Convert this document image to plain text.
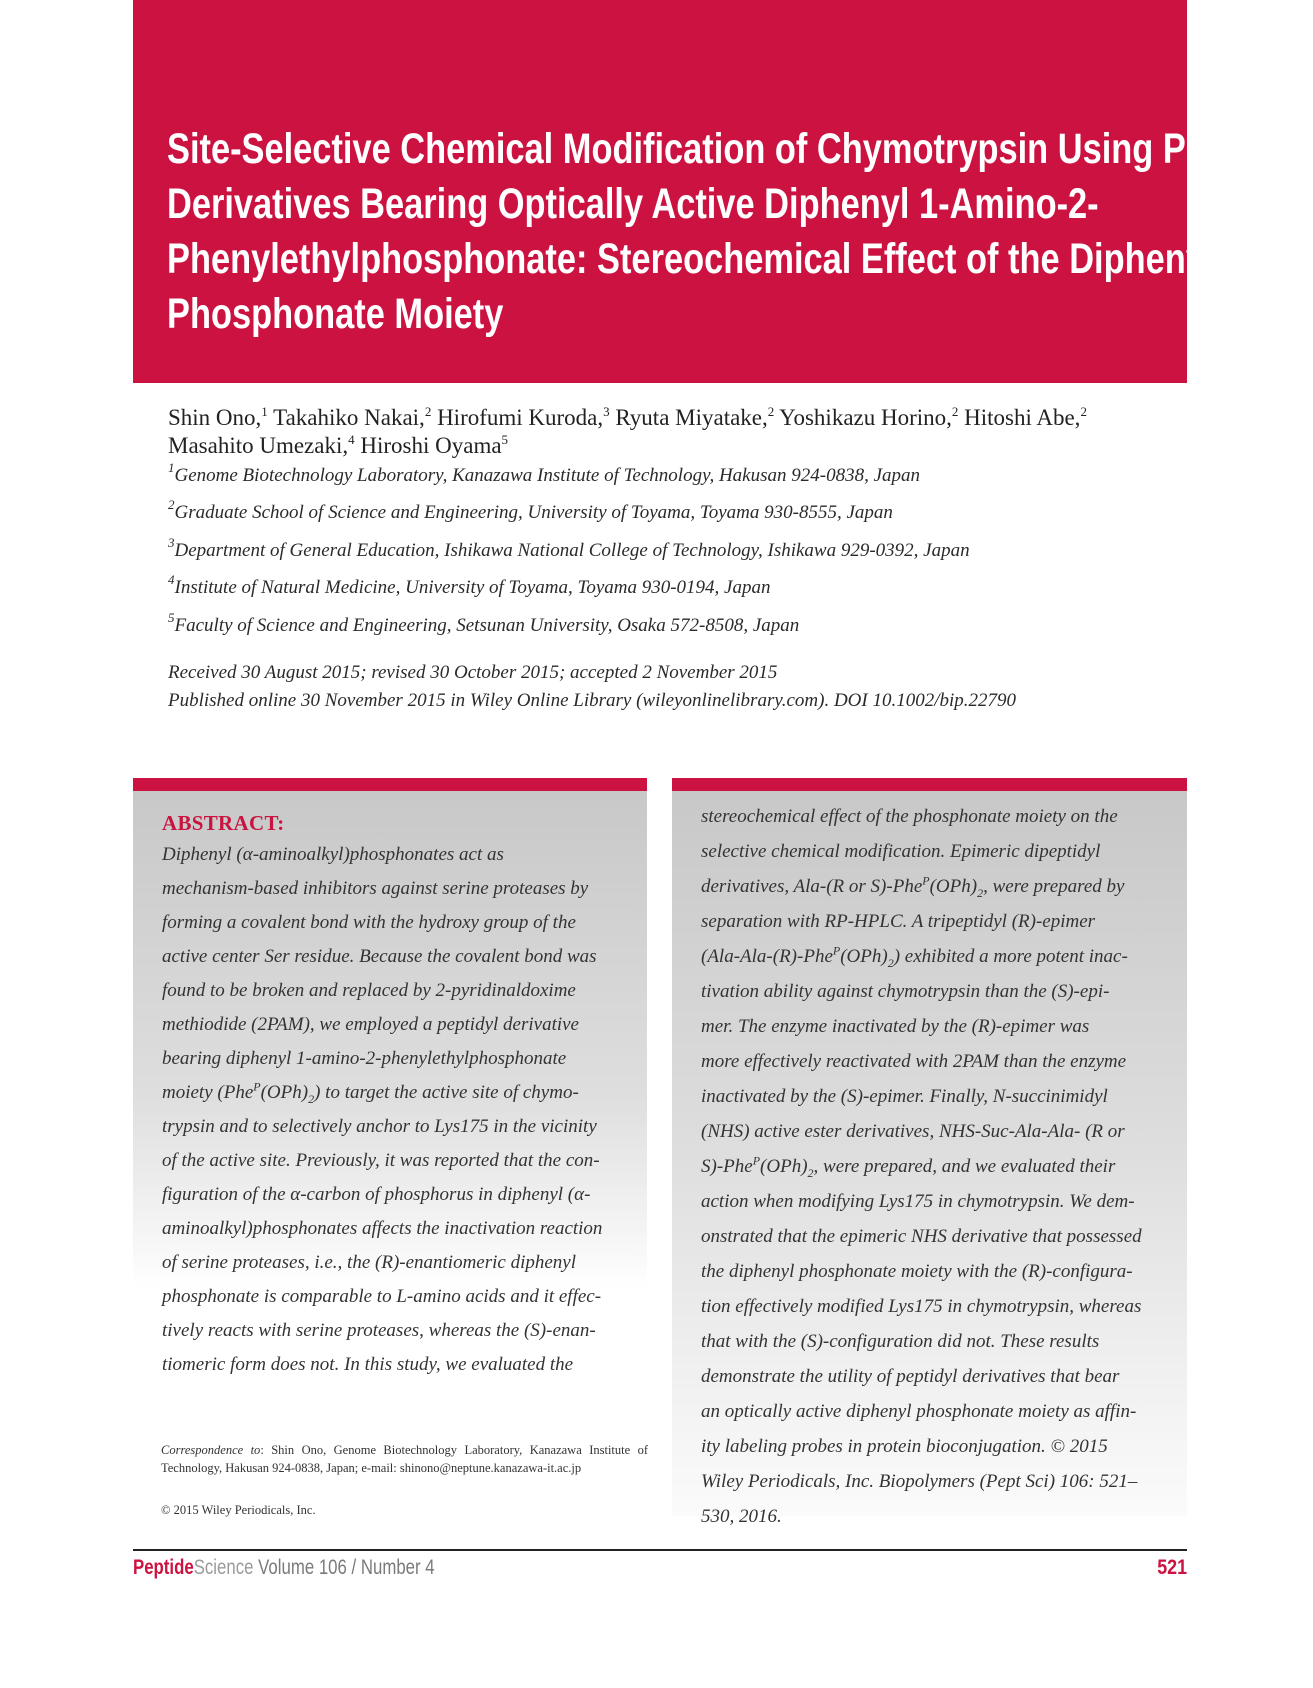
Site-Selective Chemical Modification of Chymotrypsin Using Peptidyl
Derivatives Bearing Optically Active Diphenyl 1-Amino-2-
Phenylethylphosphonate: Stereochemical Effect of the Diphenyl
Phosphonate Moiety
Shin Ono,$^1$ Takahiko Nakai,$^2$ Hirofumi Kuroda,$^3$ Ryuta Miyatake,$^2$ Yoshikazu Horino,$^2$ Hitoshi Abe,$^2$
Masahito Umezaki,$^4$ Hiroshi Oyama$^5$
$^1$Genome Biotechnology Laboratory, Kanazawa Institute of Technology, Hakusan 924-0838, Japan
$^2$Graduate School of Science and Engineering, University of Toyama, Toyama 930-8555, Japan
$^3$Department of General Education, Ishikawa National College of Technology, Ishikawa 929-0392, Japan
$^4$Institute of Natural Medicine, University of Toyama, Toyama 930-0194, Japan
$^5$Faculty of Science and Engineering, Setsunan University, Osaka 572-8508, Japan
Received 30 August 2015; revised 30 October 2015; accepted 2 November 2015
Published online 30 November 2015 in Wiley Online Library (wileyonlinelibrary.com). DOI 10.1002/bip.22790
ABSTRACT:
Diphenyl (α-aminoalkyl)phosphonates act as
mechanism-based inhibitors against serine proteases by
forming a covalent bond with the hydroxy group of the
active center Ser residue. Because the covalent bond was
found to be broken and replaced by 2-pyridinaldoxime
methiodide (2PAM), we employed a peptidyl derivative
bearing diphenyl 1-amino-2-phenylethylphosphonate
moiety $(Phe^P(OPh)_2)$ to target the active site of chymo-
trypsin and to selectively anchor to Lys175 in the vicinity
of the active site. Previously, it was reported that the con-
figuration of the α-carbon of phosphorus in diphenyl (α-
aminoalkyl)phosphonates affects the inactivation reaction
of serine proteases, i.e., the (R)-enantiomeric diphenyl
phosphonate is comparable to L-amino acids and it effec-
tively reacts with serine proteases, whereas the (S)-enan-
tiomeric form does not. In this study, we evaluated the
stereochemical effect of the phosphonate moiety on the
selective chemical modification. Epimeric dipeptidyl
derivatives, Ala-(R or $S)-Phe^P(OPh)_2$, were prepared by
separation with RP-HPLC. A tripeptidyl (R)-epimer
$(Ala-Ala-(R)-Phe^P(OPh)_2)$ exhibited a more potent inac-
tivation ability against chymotrypsin than the (S)-epi-
mer. The enzyme inactivated by the (R)-epimer was
more effectively reactivated with 2PAM than the enzyme
inactivated by the (S)-epimer. Finally, N-succinimidyl
(NHS) active ester derivatives, NHS-Suc-Ala-Ala- (R or
$S)-Phe^P(OPh)_2$, were prepared, and we evaluated their
action when modifying Lys175 in chymotrypsin. We dem-
onstrated that the epimeric NHS derivative that possessed
the diphenyl phosphonate moiety with the (R)-configura-
tion effectively modified Lys175 in chymotrypsin, whereas
that with the (S)-configuration did not. These results
demonstrate the utility of peptidyl derivatives that bear
an optically active diphenyl phosphonate moiety as affin-
ity labeling probes in protein bioconjugation. © 2015
Wiley Periodicals, Inc. Biopolymers (Pept Sci) 106: 521–
530, 2016.
Correspondence to: Shin Ono, Genome Biotechnology Laboratory, Kanazawa Institute of Technology, Hakusan 924-0838, Japan; e-mail: shinono@neptune.kanazawa-it.ac.jp
© 2015 Wiley Periodicals, Inc.
PeptideScience Volume 106 / Number 4	521
